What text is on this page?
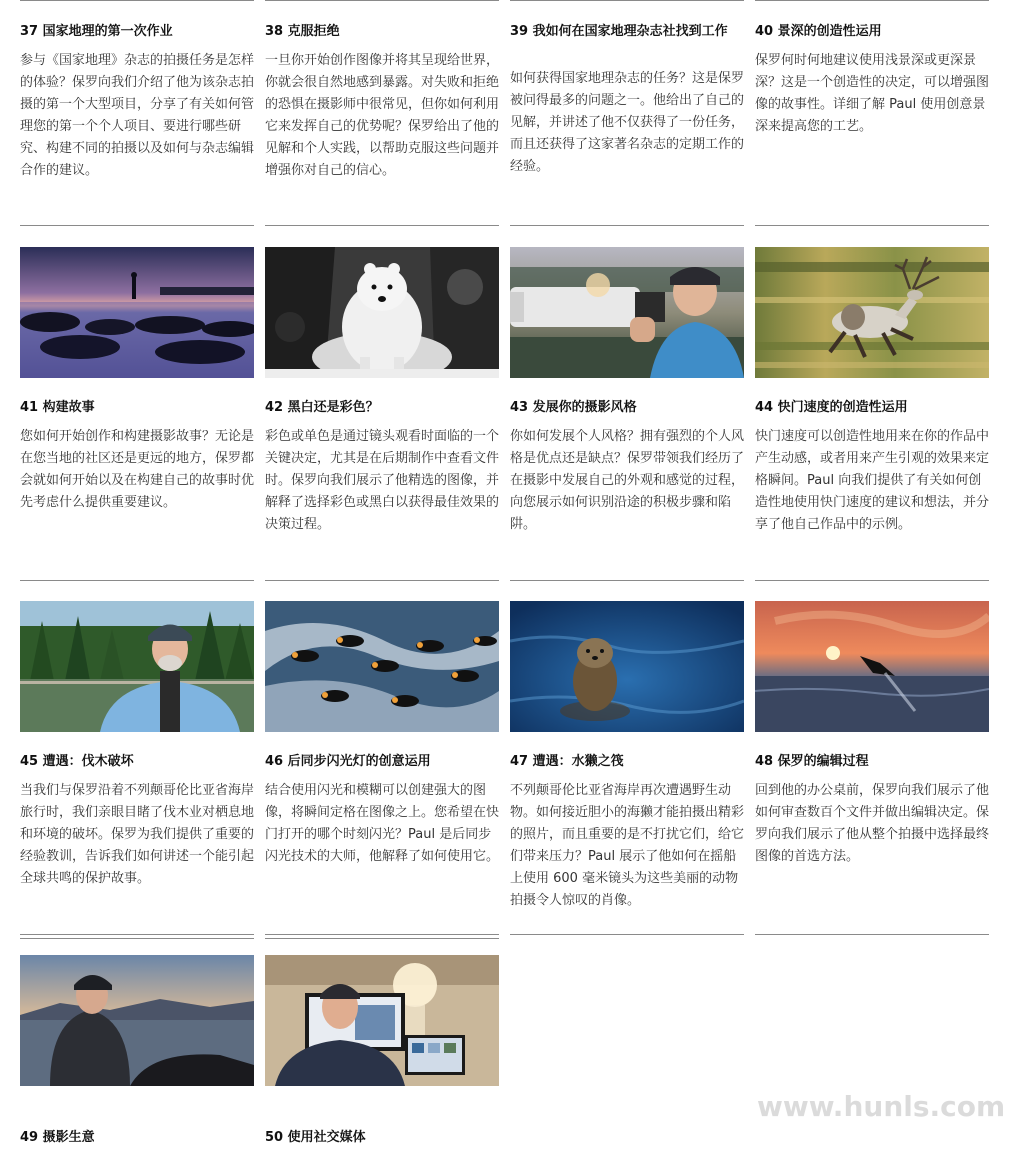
37 国家地理的第一次作业
参与《国家地理》杂志的拍摄任务是怎样的体验？保罗向我们介绍了他为该杂志拍摄的第一个大型项目，分享了有关如何管理您的第一个个人项目、要进行哪些研究、构建不同的拍摄以及如何与杂志编辑合作的建议。
38 克服拒绝
一旦你开始创作图像并将其呈现给世界，你就会很自然地感到暴露。对失败和拒绝的恐惧在摄影师中很常见，但你如何利用它来发挥自己的优势呢？保罗给出了他的见解和个人实践，以帮助克服这些问题并增强你对自己的信心。
39 我如何在国家地理杂志社找到工作
如何获得国家地理杂志的任务？这是保罗被问得最多的问题之一。他给出了自己的见解，并讲述了他不仅获得了一份任务，而且还获得了这家著名杂志的定期工作的经验。
40 景深的创造性运用
保罗何时何地建议使用浅景深或更深景深？这是一个创造性的决定，可以增强图像的故事性。详细了解 Paul 使用创意景深来提高您的工艺。
41 构建故事
您如何开始创作和构建摄影故事？无论是在您当地的社区还是更远的地方，保罗都会就如何开始以及在构建自己的故事时优先考虑什么提供重要建议。
42 黑白还是彩色？
彩色或单色是通过镜头观看时面临的一个关键决定，尤其是在后期制作中查看文件时。保罗向我们展示了他精选的图像，并解释了选择彩色或黑白以获得最佳效果的决策过程。
43 发展你的摄影风格
你如何发展个人风格？拥有强烈的个人风格是优点还是缺点？保罗带领我们经历了在摄影中发展自己的外观和感觉的过程，向您展示如何识别沿途的积极步骤和陷阱。
44 快门速度的创造性运用
快门速度可以创造性地用来在你的作品中产生动感，或者用来产生引观的效果来定格瞬间。Paul 向我们提供了有关如何创造性地使用快门速度的建议和想法，并分享了他自己作品中的示例。
45 遭遇：伐木破坏
当我们与保罗沿着不列颠哥伦比亚省海岸旅行时，我们亲眼目睹了伐木业对栖息地和环境的破坏。保罗为我们提供了重要的经验教训，告诉我们如何讲述一个能引起全球共鸣的保护故事。
46 后同步闪光灯的创意运用
结合使用闪光和模糊可以创建强大的图像，将瞬间定格在图像之上。您希望在快门打开的哪个时刻闪光？Paul 是后同步闪光技术的大师，他解释了如何使用它。
47 遭遇：水獭之筏
不列颠哥伦比亚省海岸再次遭遇野生动物。如何接近胆小的海獭才能拍摄出精彩的照片，而且重要的是不打扰它们，给它们带来压力？Paul 展示了他如何在摇船上使用 600 毫米镜头为这些美丽的动物拍摄令人惊叹的肖像。
48 保罗的编辑过程
回到他的办公桌前，保罗向我们展示了他如何审查数百个文件并做出编辑决定。保罗向我们展示了他从整个拍摄中选择最终图像的首选方法。
49 摄影生意	50 使用社交媒体
www.hunls.com
